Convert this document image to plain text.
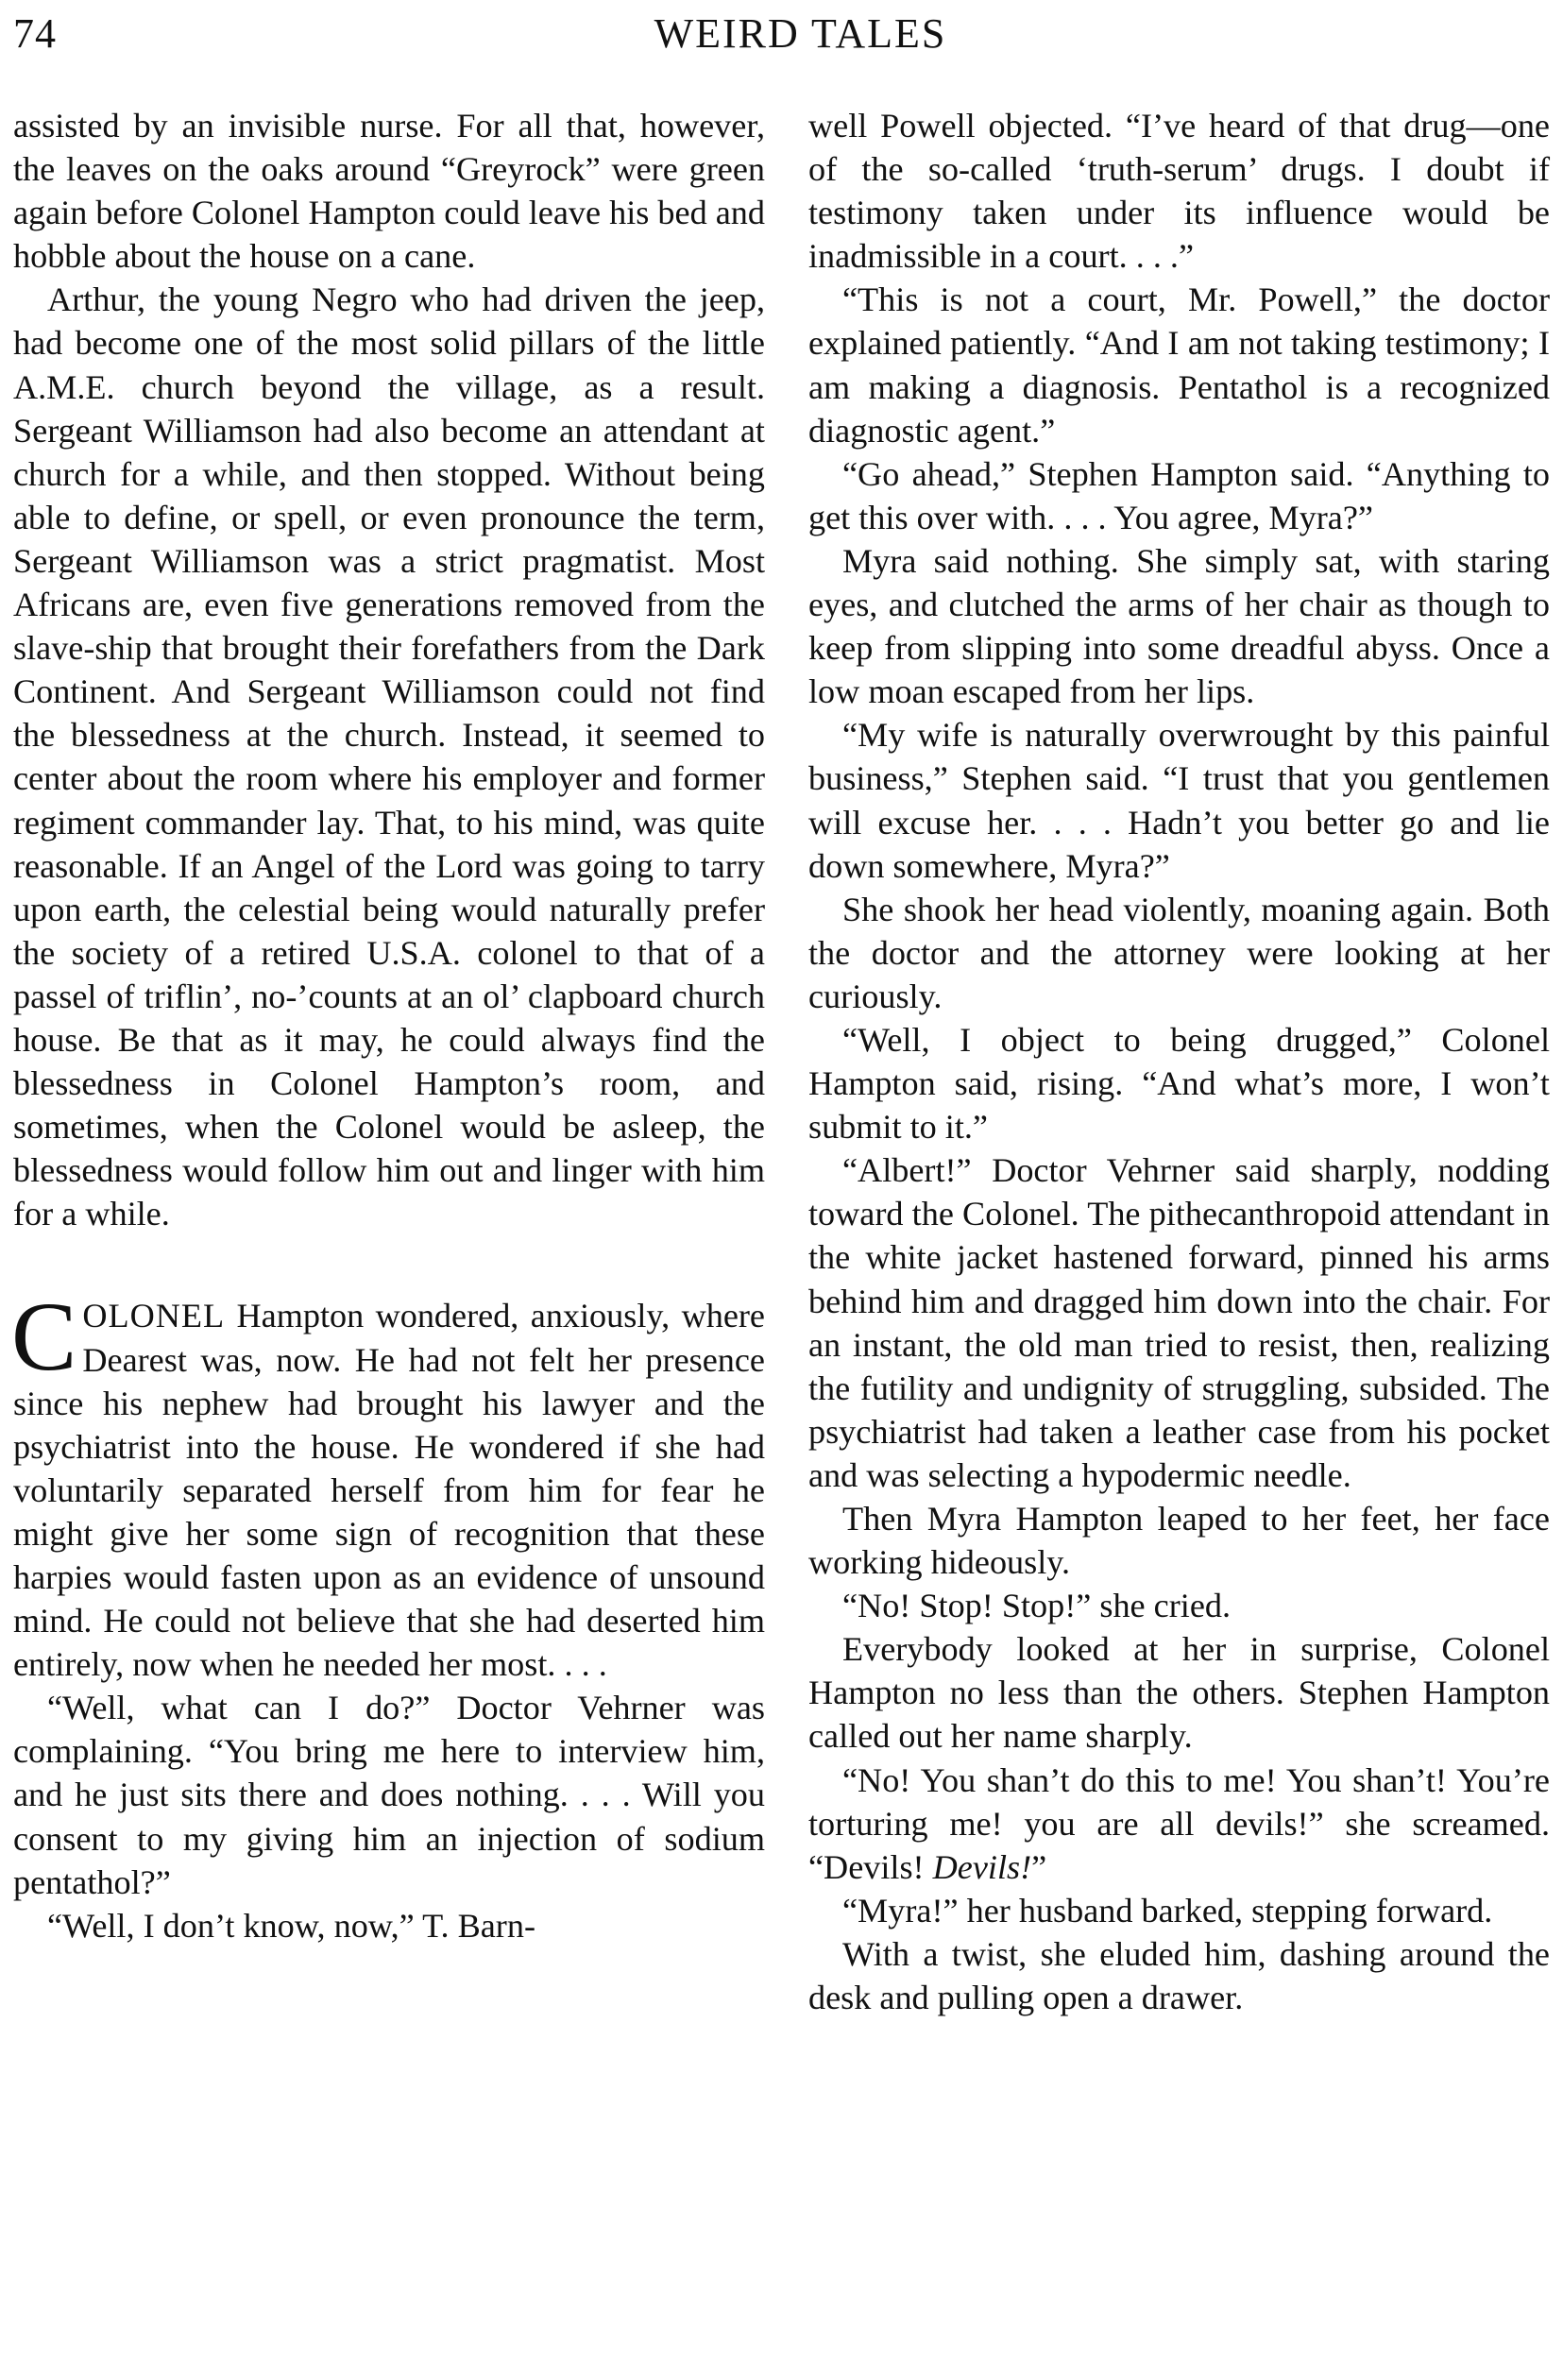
74	WEIRD TALES

assisted by an invisible nurse. For all that, however, the leaves on the oaks around “Greyrock” were green again before Colonel Hampton could leave his bed and hobble about the house on a cane.

Arthur, the young Negro who had driven the jeep, had become one of the most solid pillars of the little A.M.E. church beyond the village, as a result. Sergeant Williamson had also become an attendant at church for a while, and then stopped. Without being able to define, or spell, or even pronounce the term, Sergeant Williamson was a strict pragmatist. Most Africans are, even five generations removed from the slave-ship that brought their forefathers from the Dark Continent. And Sergeant Williamson could not find the blessedness at the church. Instead, it seemed to center about the room where his employer and former regiment commander lay. That, to his mind, was quite reasonable. If an Angel of the Lord was going to tarry upon earth, the celestial being would naturally prefer the society of a retired U.S.A. colonel to that of a passel of triflin’, no-’counts at an ol’ clapboard church house. Be that as it may, he could always find the blessedness in Colonel Hampton’s room, and sometimes, when the Colonel would be asleep, the blessedness would follow him out and linger with him for a while.

COLONEL Hampton wondered, anxiously, where Dearest was, now. He had not felt her presence since his nephew had brought his lawyer and the psychiatrist into the house. He wondered if she had voluntarily separated herself from him for fear he might give her some sign of recognition that these harpies would fasten upon as an evidence of unsound mind. He could not believe that she had deserted him entirely, now when he needed her most. . . .

“Well, what can I do?” Doctor Vehrner was complaining. “You bring me here to interview him, and he just sits there and does nothing. . . . Will you consent to my giving him an injection of sodium pentathol?”

“Well, I don’t know, now,” T. Barn-

well Powell objected. “I’ve heard of that drug—one of the so-called ‘truth-serum’ drugs. I doubt if testimony taken under its influence would be inadmissible in a court. . . .”

“This is not a court, Mr. Powell,” the doctor explained patiently. “And I am not taking testimony; I am making a diagnosis. Pentathol is a recognized diagnostic agent.”

“Go ahead,” Stephen Hampton said. “Anything to get this over with. . . . You agree, Myra?”

Myra said nothing. She simply sat, with staring eyes, and clutched the arms of her chair as though to keep from slipping into some dreadful abyss. Once a low moan escaped from her lips.

“My wife is naturally overwrought by this painful business,” Stephen said. “I trust that you gentlemen will excuse her. . . . Hadn’t you better go and lie down somewhere, Myra?”

She shook her head violently, moaning again. Both the doctor and the attorney were looking at her curiously.

“Well, I object to being drugged,” Colonel Hampton said, rising. “And what’s more, I won’t submit to it.”

“Albert!” Doctor Vehrner said sharply, nodding toward the Colonel. The pithecanthropoid attendant in the white jacket hastened forward, pinned his arms behind him and dragged him down into the chair. For an instant, the old man tried to resist, then, realizing the futility and undignity of struggling, subsided. The psychiatrist had taken a leather case from his pocket and was selecting a hypodermic needle.

Then Myra Hampton leaped to her feet, her face working hideously.

“No! Stop! Stop!” she cried.

Everybody looked at her in surprise, Colonel Hampton no less than the others. Stephen Hampton called out her name sharply.

“No! You shan’t do this to me! You shan’t! You’re torturing me! you are all devils!” she screamed. “Devils! Devils!”

“Myra!” her husband barked, stepping forward.

With a twist, she eluded him, dashing around the desk and pulling open a drawer.
